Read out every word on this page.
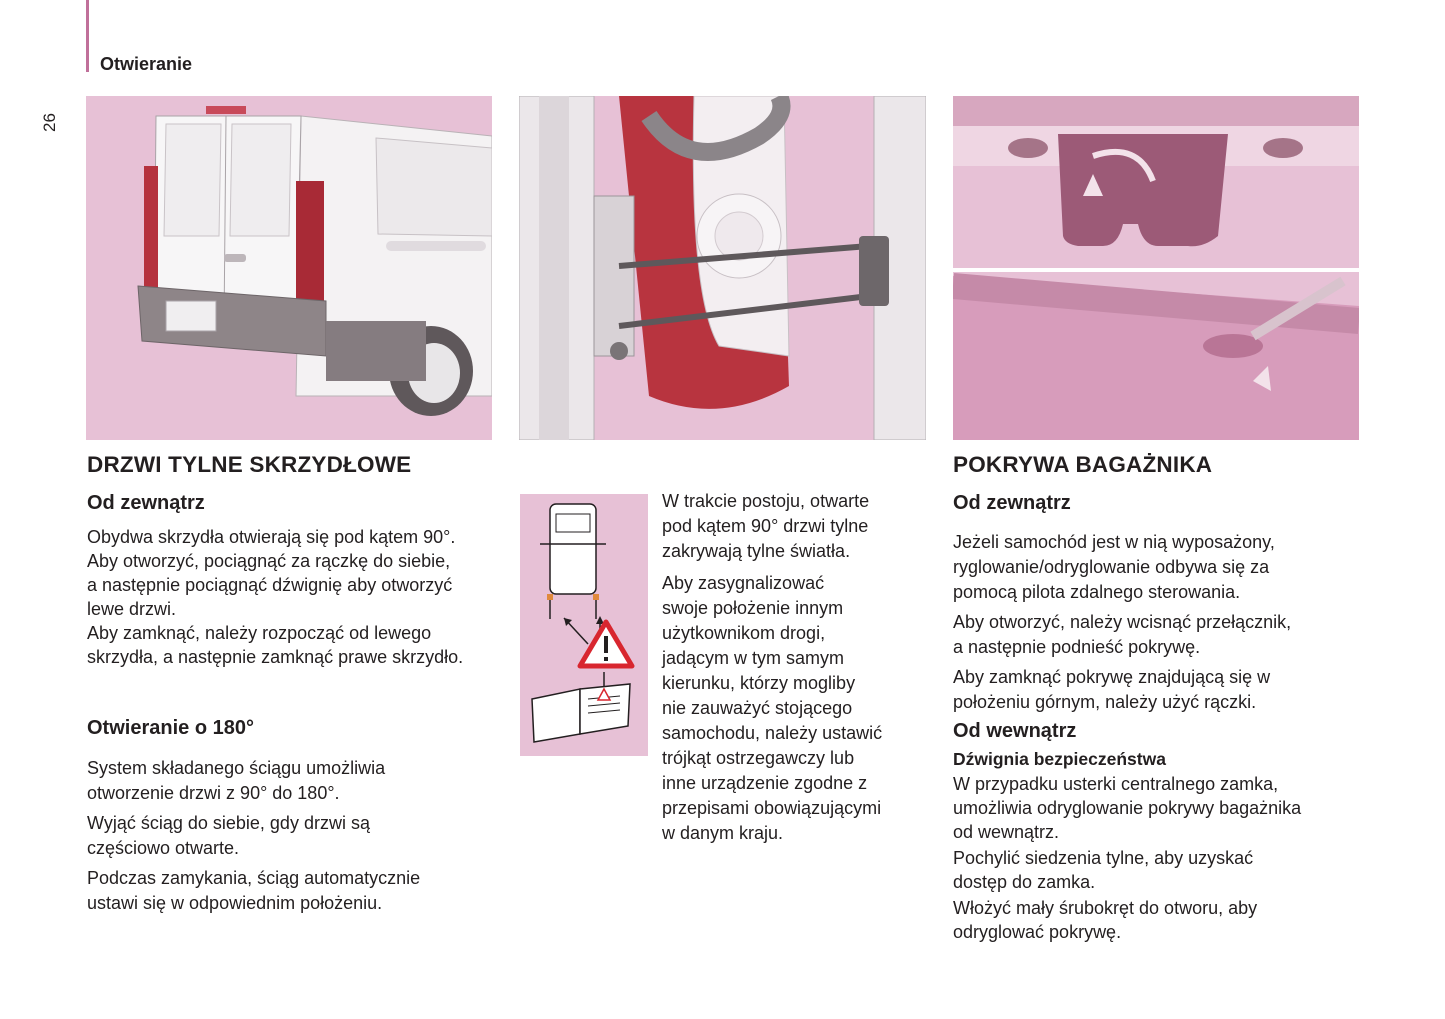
Otwieranie
26
DRZWI TYLNE SKRZYDŁOWE
Od zewnątrz

Obydwa skrzydła otwierają się pod kątem 90°.

Aby otworzyć, pociągnąć za rączkę do siebie,
a następnie pociągnąć dźwignię aby otworzyć
lewe drzwi.

Aby zamknąć, należy rozpocząć od lewego
skrzydła, a następnie zamknąć prawe skrzydło.

Otwieranie o 180°

System składanego ściągu umożliwia
otworzenie drzwi z 90° do 180°.

Wyjąć ściąg do siebie, gdy drzwi są
częściowo otwarte.

Podczas zamykania, ściąg automatycznie
ustawi się w odpowiednim położeniu.

W trakcie postoju, otwarte
pod kątem 90° drzwi tylne
zakrywają tylne światła.

Aby zasygnalizować
swoje położenie innym
użytkownikom drogi,
jadącym w tym samym
kierunku, którzy mogliby
nie zauważyć stojącego
samochodu, należy ustawić
trójkąt ostrzegawczy lub
inne urządzenie zgodne z
przepisami obowiązującymi
w danym kraju.

POKRYWA BAGAŻNIKA
Od zewnątrz

Jeżeli samochód jest w nią wyposażony,
ryglowanie/odryglowanie odbywa się za
pomocą pilota zdalnego sterowania.

Aby otworzyć, należy wcisnąć przełącznik,
a następnie podnieść pokrywę.

Aby zamknąć pokrywę znajdującą się w
położeniu górnym, należy użyć rączki.

Od wewnątrz
Dźwignia bezpieczeństwa

W przypadku usterki centralnego zamka,
umożliwia odryglowanie pokrywy bagażnika
od wewnątrz.

Pochylić siedzenia tylne, aby uzyskać
dostęp do zamka.

Włożyć mały śrubokręt do otworu, aby
odryglować pokrywę.
